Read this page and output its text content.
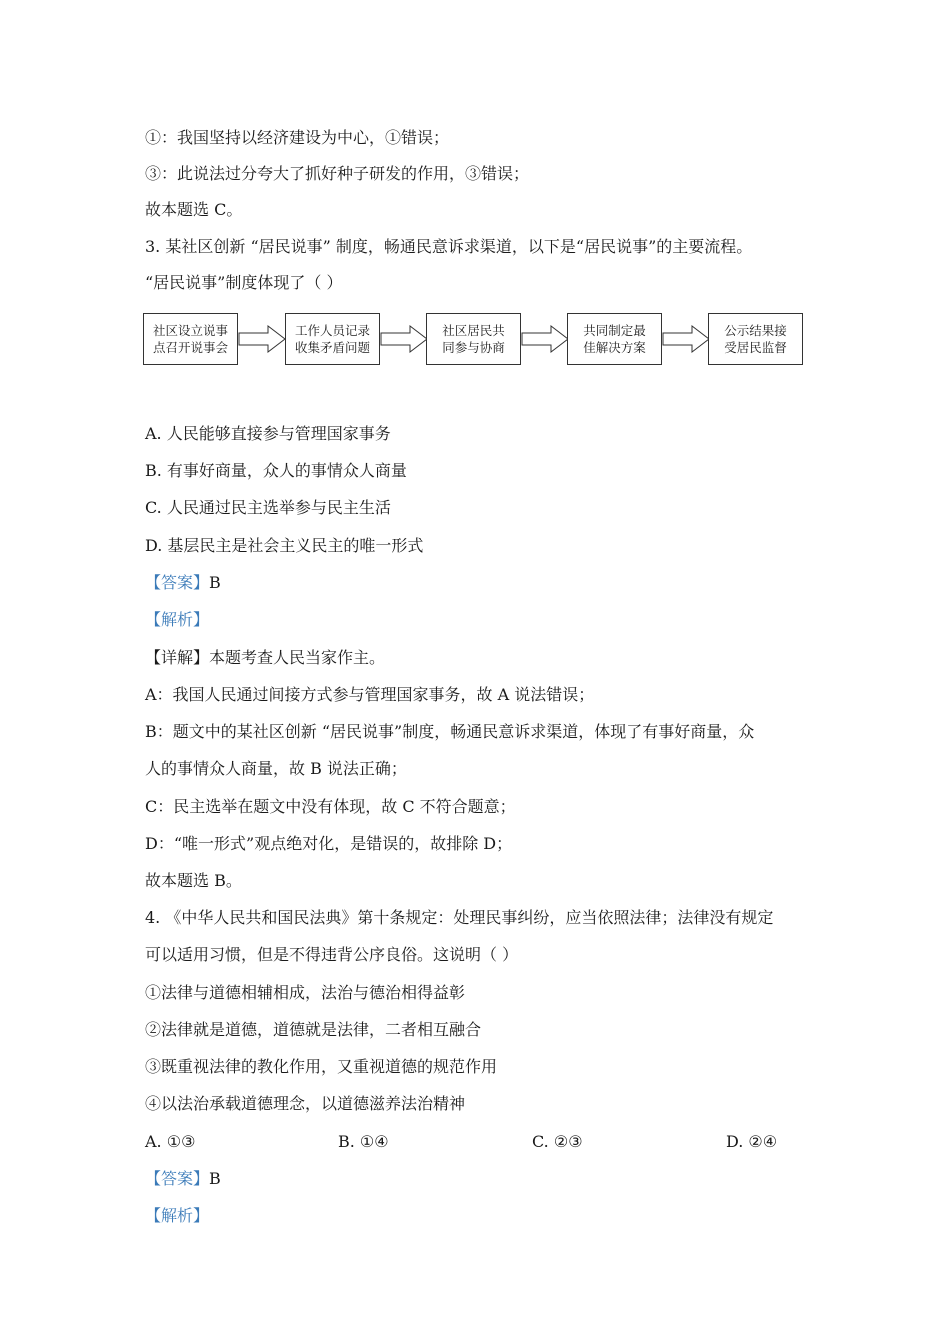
①：我国坚持以经济建设为中心，①错误；
③：此说法过分夸大了抓好种子研发的作用，③错误；
故本题选 C。
3. 某社区创新 “居民说事” 制度，畅通民意诉求渠道，以下是“居民说事”的主要流程。
“居民说事”制度体现了（ ）
社区设立说事
点召开说事会
工作人员记录
收集矛盾问题
社区居民共
同参与协商
共同制定最
佳解决方案
公示结果接
受居民监督
A. 人民能够直接参与管理国家事务
B. 有事好商量，众人的事情众人商量
C. 人民通过民主选举参与民主生活
D. 基层民主是社会主义民主的唯一形式
【答案】B
【解析】
【详解】本题考查人民当家作主。
A：我国人民通过间接方式参与管理国家事务，故 A 说法错误；
B：题文中的某社区创新 “居民说事”制度，畅通民意诉求渠道，体现了有事好商量，众
人的事情众人商量，故 B 说法正确；
C：民主选举在题文中没有体现，故 C 不符合题意；
D：“唯一形式”观点绝对化，是错误的，故排除 D；
故本题选 B。
4. 《中华人民共和国民法典》第十条规定：处理民事纠纷，应当依照法律；法律没有规定
可以适用习惯，但是不得违背公序良俗。这说明（ ）
①法律与道德相辅相成，法治与德治相得益彰
②法律就是道德，道德就是法律，二者相互融合
③既重视法律的教化作用，又重视道德的规范作用
④以法治承载道德理念，以道德滋养法治精神
A. ①③	B. ①④	C. ②③	D. ②④
【答案】B
【解析】
